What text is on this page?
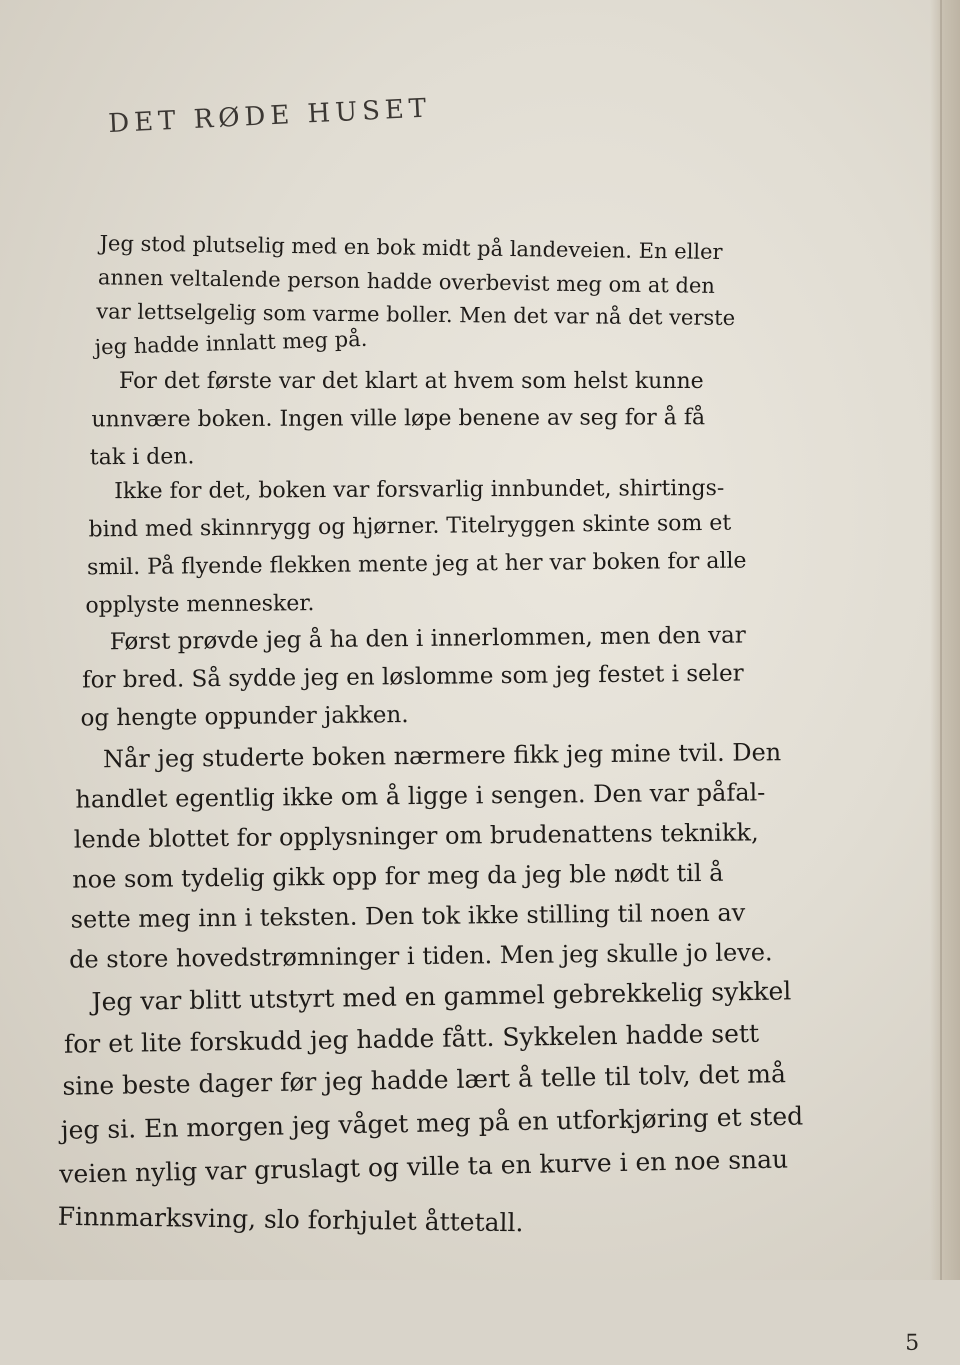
DET RØDE HUSET
Jeg stod plutselig med en bok midt på landeveien. En eller
annen veltalende person hadde overbevist meg om at den
var lettselgelig som varme boller. Men det var nå det verste
jeg hadde innlatt meg på.
For det første var det klart at hvem som helst kunne
unnvære boken. Ingen ville løpe benene av seg for å få
tak i den.
Ikke for det, boken var forsvarlig innbundet, shirtings-
bind med skinnrygg og hjørner. Titelryggen skinte som et
smil. På flyende flekken mente jeg at her var boken for alle
opplyste mennesker.
Først prøvde jeg å ha den i innerlommen, men den var
for bred. Så sydde jeg en løslomme som jeg festet i seler
og hengte oppunder jakken.
Når jeg studerte boken nærmere fikk jeg mine tvil. Den
handlet egentlig ikke om å ligge i sengen. Den var påfal-
lende blottet for opplysninger om brudenattens teknikk,
noe som tydelig gikk opp for meg da jeg ble nødt til å
sette meg inn i teksten. Den tok ikke stilling til noen av
de store hovedstrømninger i tiden. Men jeg skulle jo leve.
Jeg var blitt utstyrt med en gammel gebrekkelig sykkel
for et lite forskudd jeg hadde fått. Sykkelen hadde sett
sine beste dager før jeg hadde lært å telle til tolv, det må
jeg si. En morgen jeg våget meg på en utforkjøring et sted
veien nylig var gruslagt og ville ta en kurve i en noe snau
Finnmarksving, slo forhjulet åttetall.
5
